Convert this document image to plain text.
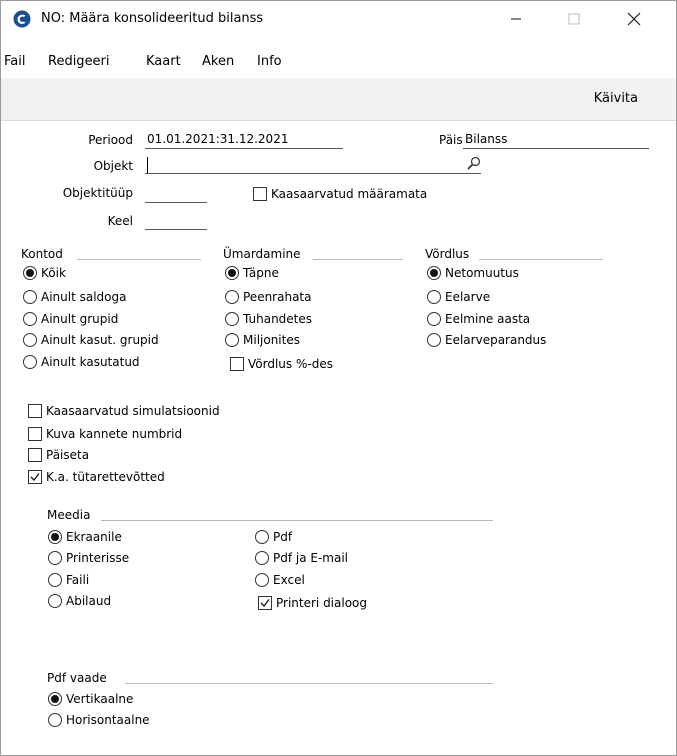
NO: Määra konsolideeritud bilanss
Fail Redigeeri	Kaart Aken Info
Käivita
Periood 01.01.2021:31.12.2021	Päis Bilanss
Objekt
Objektitüüp	Kaasaarvatud määramata
Keel
Kontod
Kõik
Ainult saldoga
Ainult grupid
Ainult kasut. grupid
Ainult kasutatud
Ümardamine
Täpne
Peenrahata
Tuhandetes
Miljonites
Võrdlus %-des
Võrdlus
Netomuutus
Eelarve
Eelmine aasta
Eelarveparandus
Kaasaarvatud simulatsioonid
Kuva kannete numbrid
Päiseta
K.a. tütarettevõtted
Meedia
Ekraanile
Printerisse
Faili
Abilaud
Pdf
Pdf ja E-mail
Excel
Printeri dialoog
Pdf vaade
Vertikaalne
Horisontaalne
